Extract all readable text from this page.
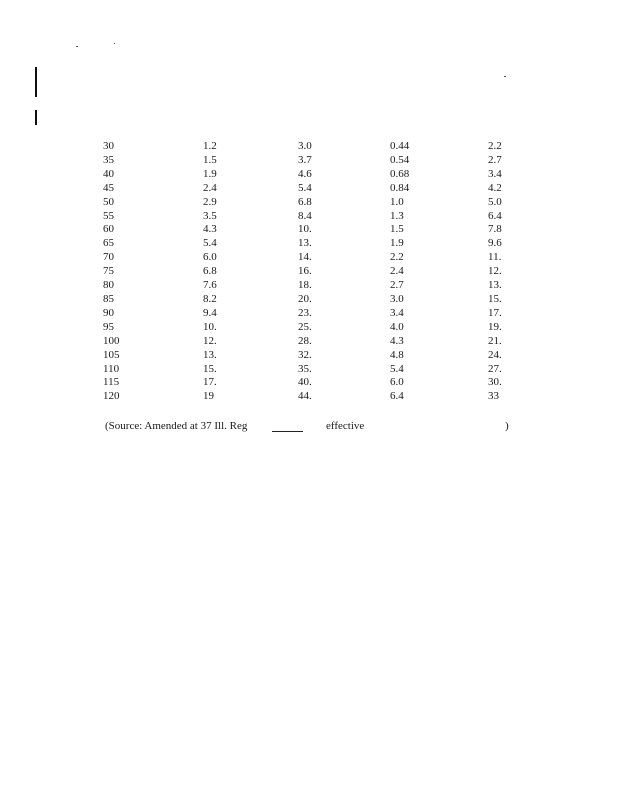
30	1.2	3.0	0.44	2.2
35	1.5	3.7	0.54	2.7
40	1.9	4.6	0.68	3.4
45	2.4	5.4	0.84	4.2
50	2.9	6.8	1.0	5.0
55	3.5	8.4	1.3	6.4
60	4.3	10.	1.5	7.8
65	5.4	13.	1.9	9.6
70	6.0	14.	2.2	11.
75	6.8	16.	2.4	12.
80	7.6	18.	2.7	13.
85	8.2	20.	3.0	15.
90	9.4	23.	3.4	17.
95	10.	25.	4.0	19.
100	12.	28.	4.3	21.
105	13.	32.	4.8	24.
110	15.	35.	5.4	27.
115	17.	40.	6.0	30.
120	19	44.	6.4	33
(Source: Amended at 37 Ill. Reg	effective	)
